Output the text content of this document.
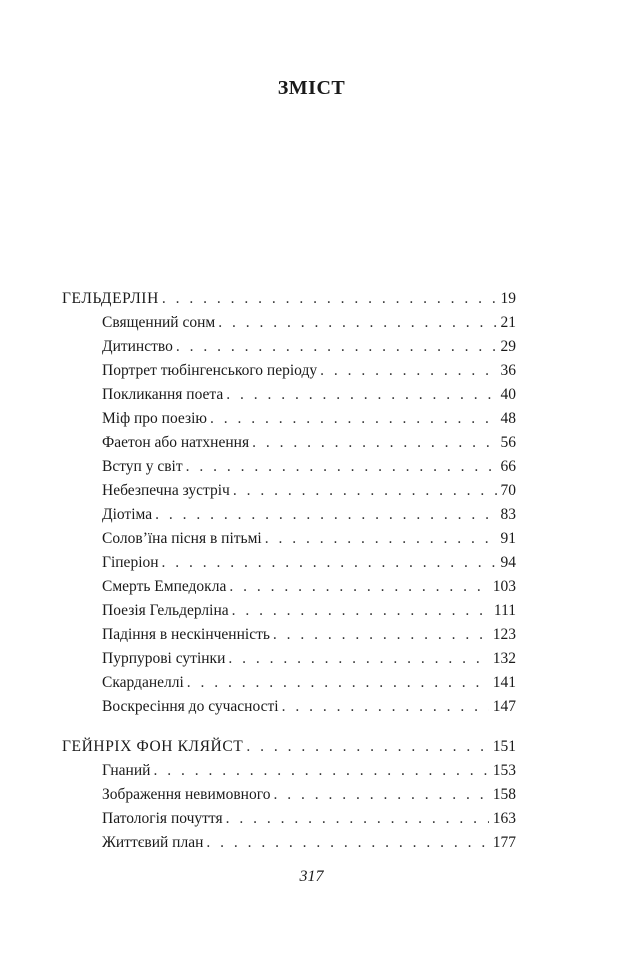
ЗМІСТ
ГЕЛЬДЕРЛІН . . .	19
Священний сонм . . .	21
Дитинство . . .	29
Портрет тюбінгенського періоду . . .	36
Покликання поета . . .	40
Міф про поезію . . .	48
Фаетон або натхнення . . .	56
Вступ у світ . . .	66
Небезпечна зустріч . . .	70
Діотіма . . .	83
Солов’їна пісня в пітьмі . . .	91
Гіперіон . . .	94
Смерть Емпедокла . . .	103
Поезія Гельдерліна . . .	111
Падіння в нескінченність . . .	123
Пурпурові сутінки . . .	132
Скарданеллі . . .	141
Воскресіння до сучасності . . .	147
ГЕЙНРІХ ФОН КЛЯЙСТ . . .	151
Гнаний . . .	153
Зображення невимовного . . .	158
Патологія почуття . . .	163
Життєвий план . . .	177
317
